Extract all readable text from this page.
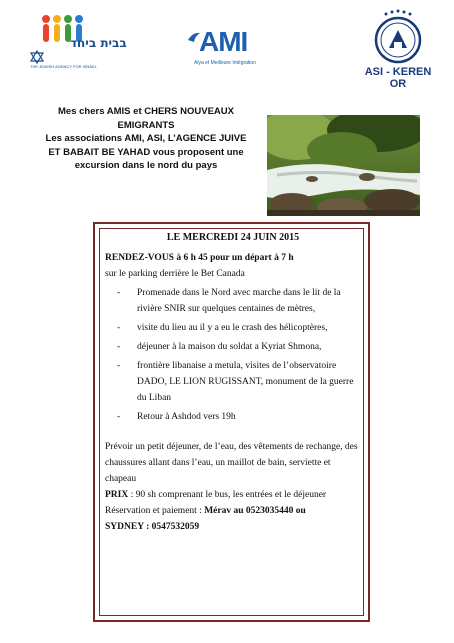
בבית ביחד
THE JEWISH AGENCY FOR ISRAEL
AMI
Alya et Meilleure Intégration
ASI - KEREN OR
Mes chers AMIS et CHERS NOUVEAUX
EMIGRANTS
Les associations AMI, ASI, L’AGENCE JUIVE
ET BABAIT BE YAHAD vous proposent une
excursion dans le nord du pays
LE MERCREDI 24 JUIN 2015
RENDEZ-VOUS à 6 h 45 pour un départ à 7 h
sur le parking derrière le Bet Canada
- Promenade dans le Nord avec marche dans le lit de la rivière SNIR sur quelques centaines de mètres,
- visite du lieu au il y a eu le crash des hélicoptères,
- déjeuner à la maison du soldat a Kyriat Shmona,
- frontière libanaise a metula, visites de l’observatoire DADO, LE LION RUGISSANT, monument de la guerre du Liban
- Retour à Ashdod vers 19h
Prévoir un petit déjeuner, de l’eau, des vêtements de rechange, des chaussures allant dans l’eau, un maillot de bain, serviette et chapeau
PRIX : 90 sh comprenant le bus, les entrées et le déjeuner
Réservation et paiement : Mérav au 0523035440 ou
SYDNEY : 0547532059
